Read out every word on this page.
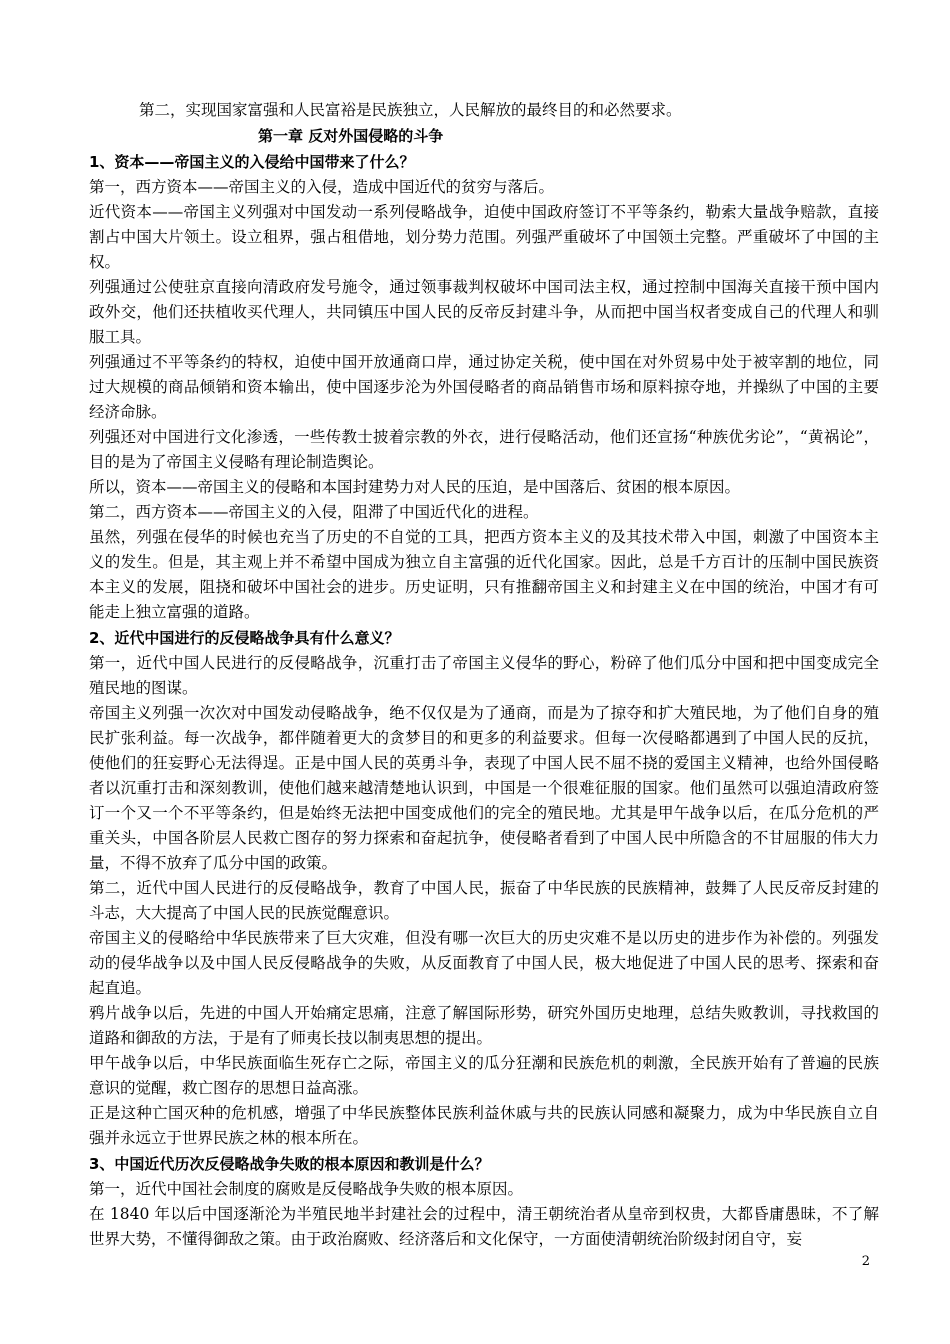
第二，实现国家富强和人民富裕是民族独立，人民解放的最终目的和必然要求。

第一章 反对外国侵略的斗争

1、资本——帝国主义的入侵给中国带来了什么？

第一，西方资本——帝国主义的入侵，造成中国近代的贫穷与落后。

近代资本——帝国主义列强对中国发动一系列侵略战争，迫使中国政府签订不平等条约，勒索大量战争赔款，直接割占中国大片领土。设立租界，强占租借地，划分势力范围。列强严重破坏了中国领土完整。严重破坏了中国的主权。

列强通过公使驻京直接向清政府发号施令，通过领事裁判权破坏中国司法主权，通过控制中国海关直接干预中国内政外交，他们还扶植收买代理人，共同镇压中国人民的反帝反封建斗争，从而把中国当权者变成自己的代理人和驯服工具。

列强通过不平等条约的特权，迫使中国开放通商口岸，通过协定关税，使中国在对外贸易中处于被宰割的地位，同过大规模的商品倾销和资本输出，使中国逐步沦为外国侵略者的商品销售市场和原料掠夺地，并操纵了中国的主要经济命脉。

列强还对中国进行文化渗透，一些传教士披着宗教的外衣，进行侵略活动，他们还宣扬“种族优劣论”，“黄祸论”，目的是为了帝国主义侵略有理论制造舆论。

所以，资本——帝国主义的侵略和本国封建势力对人民的压迫，是中国落后、贫困的根本原因。

第二，西方资本——帝国主义的入侵，阻滞了中国近代化的进程。

虽然，列强在侵华的时候也充当了历史的不自觉的工具，把西方资本主义的及其技术带入中国，刺激了中国资本主义的发生。但是，其主观上并不希望中国成为独立自主富强的近代化国家。因此，总是千方百计的压制中国民族资本主义的发展，阻挠和破坏中国社会的进步。历史证明，只有推翻帝国主义和封建主义在中国的统治，中国才有可能走上独立富强的道路。

2、近代中国进行的反侵略战争具有什么意义？

第一，近代中国人民进行的反侵略战争，沉重打击了帝国主义侵华的野心，粉碎了他们瓜分中国和把中国变成完全殖民地的图谋。

帝国主义列强一次次对中国发动侵略战争，绝不仅仅是为了通商，而是为了掠夺和扩大殖民地，为了他们自身的殖民扩张利益。每一次战争，都伴随着更大的贪梦目的和更多的利益要求。但每一次侵略都遇到了中国人民的反抗，使他们的狂妄野心无法得逞。正是中国人民的英勇斗争，表现了中国人民不屈不挠的爱国主义精神，也给外国侵略者以沉重打击和深刻教训，使他们越来越清楚地认识到，中国是一个很难征服的国家。他们虽然可以强迫清政府签订一个又一个不平等条约，但是始终无法把中国变成他们的完全的殖民地。尤其是甲午战争以后，在瓜分危机的严重关头，中国各阶层人民救亡图存的努力探索和奋起抗争，使侵略者看到了中国人民中所隐含的不甘屈服的伟大力量，不得不放弃了瓜分中国的政策。

第二，近代中国人民进行的反侵略战争，教育了中国人民，振奋了中华民族的民族精神，鼓舞了人民反帝反封建的斗志，大大提高了中国人民的民族觉醒意识。

帝国主义的侵略给中华民族带来了巨大灾难，但没有哪一次巨大的历史灾难不是以历史的进步作为补偿的。列强发动的侵华战争以及中国人民反侵略战争的失败，从反面教育了中国人民，极大地促进了中国人民的思考、探索和奋起直追。

鸦片战争以后，先进的中国人开始痛定思痛，注意了解国际形势，研究外国历史地理，总结失败教训，寻找救国的道路和御敌的方法，于是有了师夷长技以制夷思想的提出。

甲午战争以后，中华民族面临生死存亡之际，帝国主义的瓜分狂潮和民族危机的刺激，全民族开始有了普遍的民族意识的觉醒，救亡图存的思想日益高涨。

正是这种亡国灭种的危机感，增强了中华民族整体民族利益休戚与共的民族认同感和凝聚力，成为中华民族自立自强并永远立于世界民族之林的根本所在。

3、中国近代历次反侵略战争失败的根本原因和教训是什么？

第一，近代中国社会制度的腐败是反侵略战争失败的根本原因。

在 1840 年以后中国逐渐沦为半殖民地半封建社会的过程中，清王朝统治者从皇帝到权贵，大都昏庸愚昧，不了解世界大势，不懂得御敌之策。由于政治腐败、经济落后和文化保守，一方面使清朝统治阶级封闭自守，妄

2
